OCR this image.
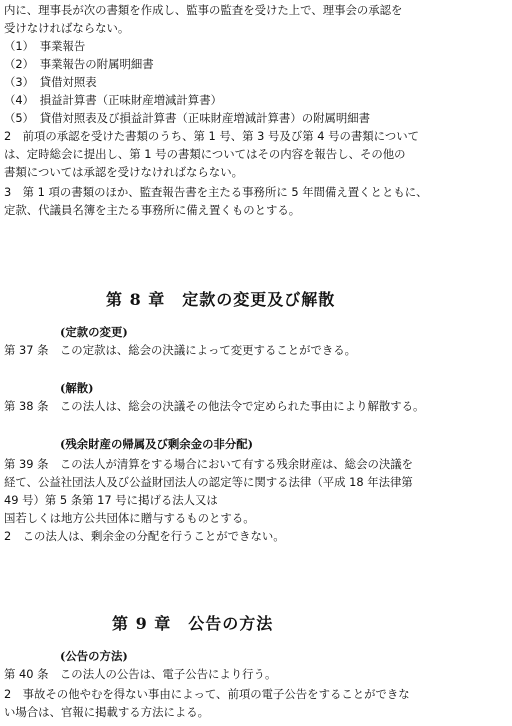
内に、理事長が次の書類を作成し、監事の監査を受けた上で、理事会の承認を
受けなければならない。
（1）　事業報告
（2）　事業報告の附属明細書
（3）　貸借対照表
（4）　損益計算書（正味財産増減計算書）
（5）　貸借対照表及び損益計算書（正味財産増減計算書）の附属明細書
2　前項の承認を受けた書類のうち、第 1 号、第 3 号及び第 4 号の書類について
は、定時総会に提出し、第 1 号の書類についてはその内容を報告し、その他の
書類については承認を受けなければならない。
3　第 1 項の書類のほか、監査報告書を主たる事務所に 5 年間備え置くとともに、
定款、代議員名簿を主たる事務所に備え置くものとする。
第 8 章　定款の変更及び解散
(定款の変更)
第 37 条　この定款は、総会の決議によって変更することができる。
(解散)
第 38 条　この法人は、総会の決議その他法令で定められた事由により解散する。
(残余財産の帰属及び剰余金の非分配)
第 39 条　この法人が清算をする場合において有する残余財産は、総会の決議を
経て、公益社団法人及び公益財団法人の認定等に関する法律（平成 18 年法律第
49 号）第 5 条第 17 号に掲げる法人又は
国若しくは地方公共団体に贈与するものとする。
2　この法人は、剰余金の分配を行うことができない。
第 9 章　公告の方法
(公告の方法)
第 40 条　この法人の公告は、電子公告により行う。
2　事故その他やむを得ない事由によって、前項の電子公告をすることができな
い場合は、官報に掲載する方法による。
